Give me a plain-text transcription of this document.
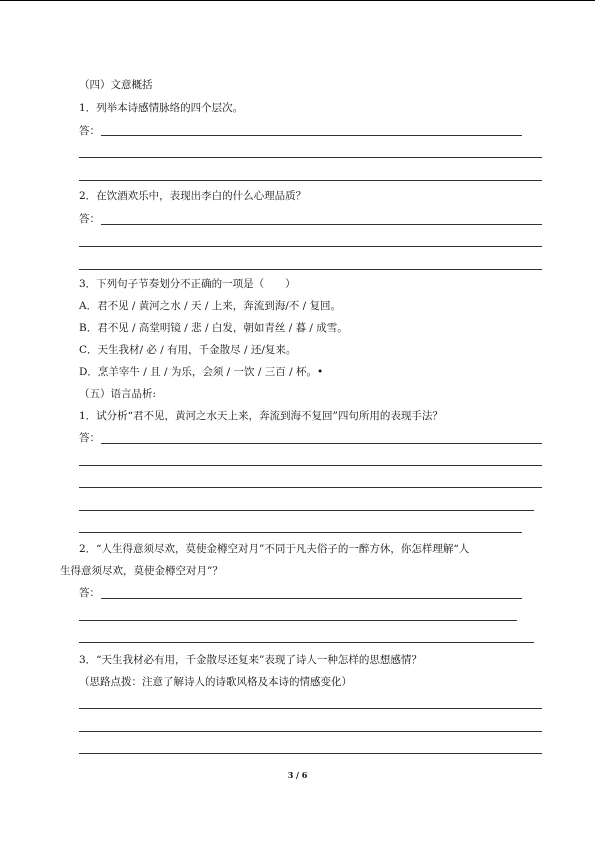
（四）文意概括
1．列举本诗感情脉络的四个层次。
答：
2．在饮酒欢乐中，表现出李白的什么心理品质？
答：
3．下列句子节奏划分不正确的一项是（　　）
A．君不见 / 黄河之水 / 天 / 上来，奔流到海/不 / 复回。
B．君不见 / 高堂明镜 / 悲 / 白发，朝如青丝 / 暮 / 成雪。
C．天生我材/ 必 / 有用，千金散尽 / 还/复来。
D．烹羊宰牛 / 且 / 为乐，会须 / 一饮 / 三百 / 杯。•
（五）语言品析:
1．试分析“君不见，黄河之水天上来，奔流到海不复回”四句所用的表现手法？
答：
2．“人生得意须尽欢，莫使金樽空对月”不同于凡夫俗子的一醉方休，你怎样理解“人
生得意须尽欢，莫使金樽空对月”？
答：
3．“天生我材必有用，千金散尽还复来”表现了诗人一种怎样的思想感情？
（思路点拨：注意了解诗人的诗歌风格及本诗的情感变化）
3 / 6
